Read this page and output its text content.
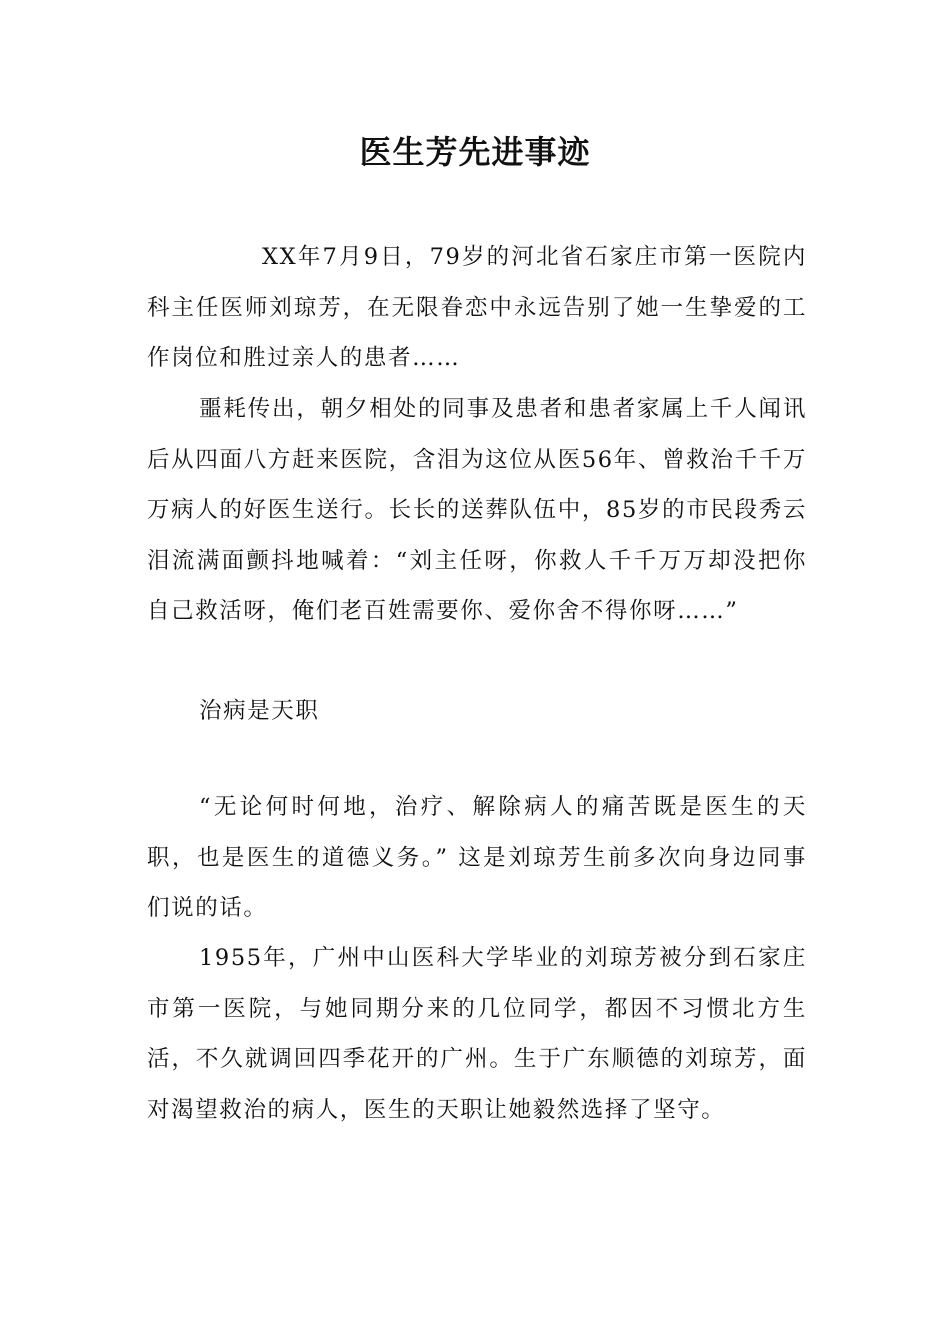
医生芳先进事迹

XX年7月9日，79岁的河北省石家庄市第一医院内科主任医师刘琼芳，在无限眷恋中永远告别了她一生挚爱的工作岗位和胜过亲人的患者……

噩耗传出，朝夕相处的同事及患者和患者家属上千人闻讯后从四面八方赶来医院，含泪为这位从医56年、曾救治千千万万病人的好医生送行。长长的送葬队伍中，85岁的市民段秀云泪流满面颤抖地喊着：“刘主任呀，你救人千千万万却没把你自己救活呀，俺们老百姓需要你、爱你舍不得你呀……”

治病是天职

“无论何时何地，治疗、解除病人的痛苦既是医生的天职，也是医生的道德义务。” 这是刘琼芳生前多次向身边同事们说的话。

1955年，广州中山医科大学毕业的刘琼芳被分到石家庄市第一医院，与她同期分来的几位同学，都因不习惯北方生活，不久就调回四季花开的广州。生于广东顺德的刘琼芳，面对渴望救治的病人，医生的天职让她毅然选择了坚守。
